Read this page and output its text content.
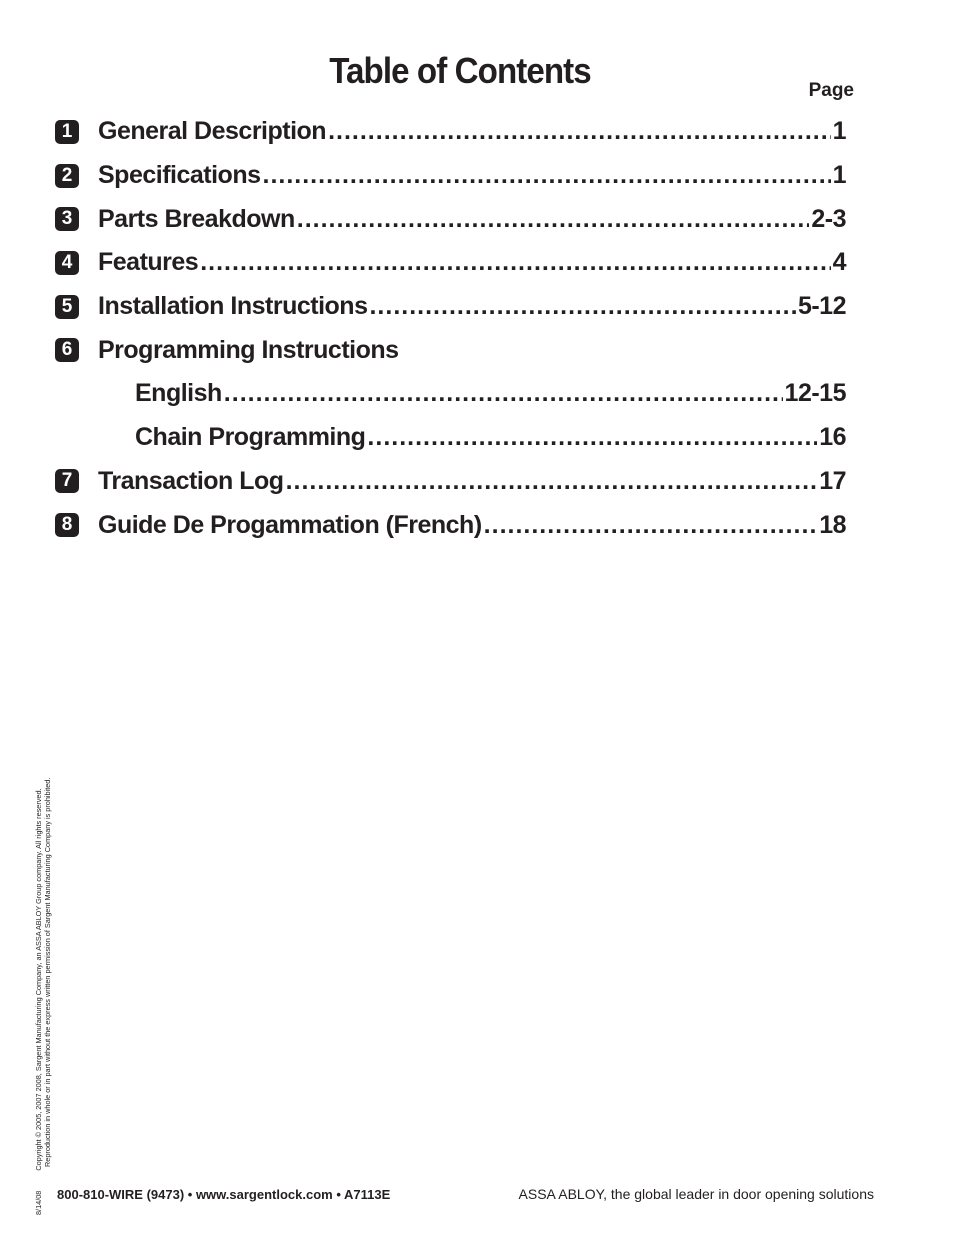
Table of Contents	Page
1 General Description .....	1
2 Specifications .....	1
3 Parts Breakdown .....	2-3
4 Features .....	4
5 Installation Instructions .....	5-12
6 Programming Instructions
English .....	12-15
Chain Programming .....	16
7 Transaction Log .....	17
8 Guide De Progammation (French) .....	18
8/14/08Copyright © 2005, 2007 2008, Sargent Manufacturing Company, an ASSA ABLOY Group company. All rights reserved. Reproduction in whole or in part without the express written permission of Sargent Manufacturing Company is prohibited.
800-810-WIRE (9473) • www.sargentlock.com • A7113E	ASSA ABLOY, the global leader in door opening solutions
